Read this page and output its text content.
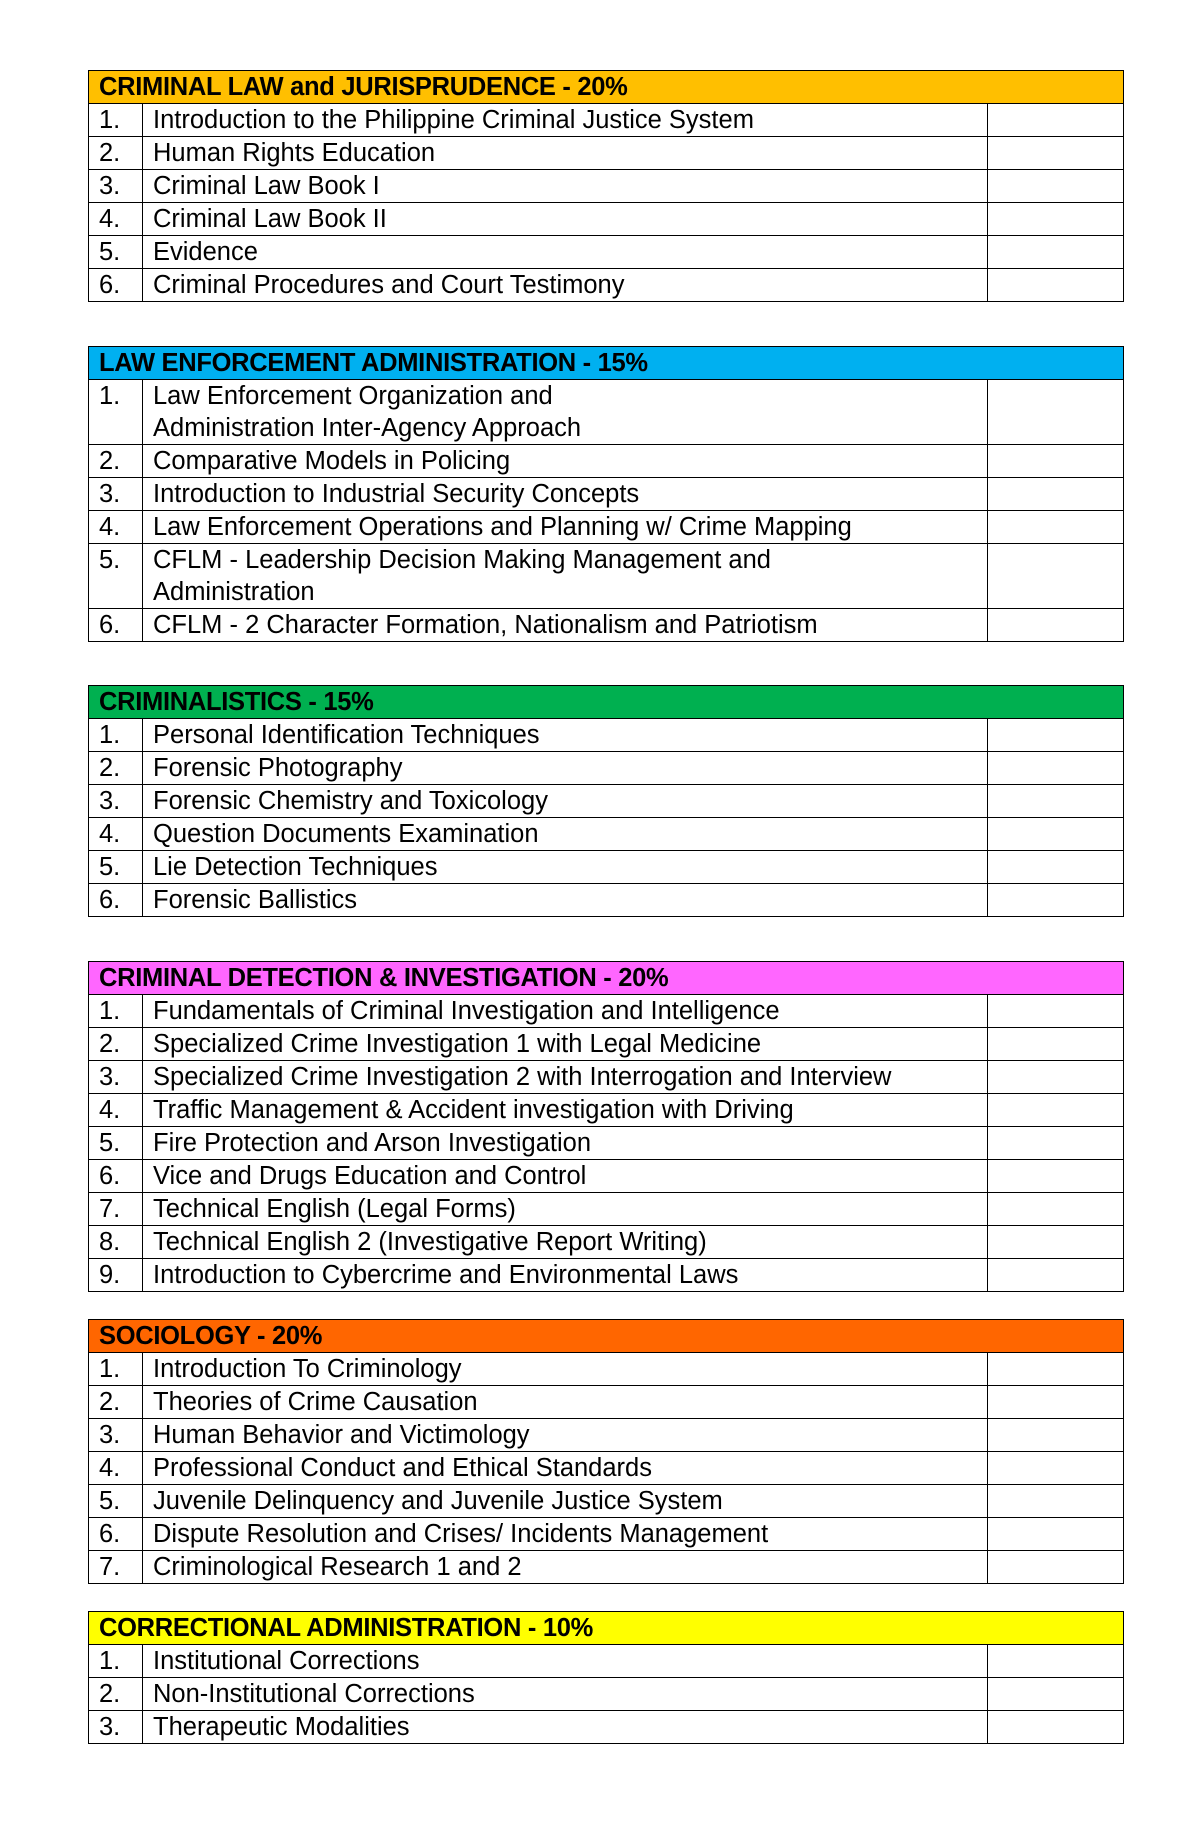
CRIMINAL LAW and JURISPRUDENCE - 20%		
1.	Introduction to the Philippine Criminal Justice System	
2.	Human Rights Education	
3.	Criminal Law Book I	
4.	Criminal Law Book II	
5.	Evidence	
6.	Criminal Procedures and Court Testimony	
LAW ENFORCEMENT ADMINISTRATION - 15%		
1.	Law Enforcement Organization and
Administration Inter-Agency Approach	
2.	Comparative Models in Policing	
3.	Introduction to Industrial Security Concepts	
4.	Law Enforcement Operations and Planning w/ Crime Mapping	
5.	CFLM - Leadership Decision Making Management and
Administration	
6.	CFLM - 2 Character Formation, Nationalism and Patriotism	
CRIMINALISTICS - 15%		
1.	Personal Identification Techniques	
2.	Forensic Photography	
3.	Forensic Chemistry and Toxicology	
4.	Question Documents Examination	
5.	Lie Detection Techniques	
6.	Forensic Ballistics	
CRIMINAL DETECTION & INVESTIGATION - 20%		
1.	Fundamentals of Criminal Investigation and Intelligence	
2.	Specialized Crime Investigation 1 with Legal Medicine	
3.	Specialized Crime Investigation 2 with Interrogation and Interview	
4.	Traffic Management & Accident investigation with Driving	
5.	Fire Protection and Arson Investigation	
6.	Vice and Drugs Education and Control	
7.	Technical English (Legal Forms)	
8.	Technical English 2 (Investigative Report Writing)	
9.	Introduction to Cybercrime and Environmental Laws	
SOCIOLOGY - 20%		
1.	Introduction To Criminology	
2.	Theories of Crime Causation	
3.	Human Behavior and Victimology	
4.	Professional Conduct and Ethical Standards	
5.	Juvenile Delinquency and Juvenile Justice System	
6.	Dispute Resolution and Crises/ Incidents Management	
7.	Criminological Research 1 and 2	
CORRECTIONAL ADMINISTRATION - 10%		
1.	Institutional Corrections	
2.	Non-Institutional Corrections	
3.	Therapeutic Modalities	
